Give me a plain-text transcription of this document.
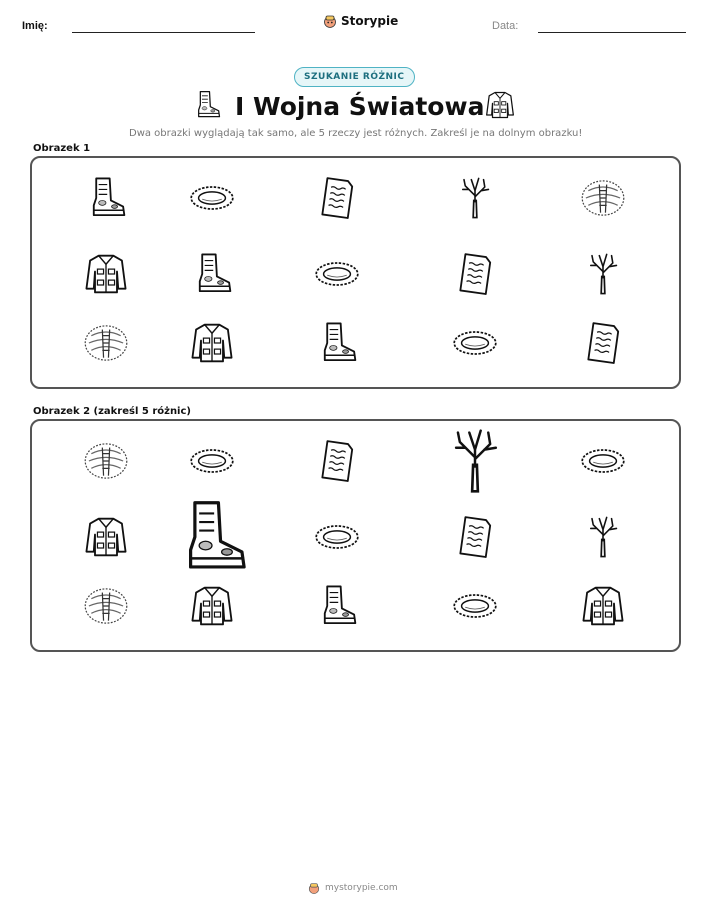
Imię:	Storypie	Data:
SZUKANIE RÓŻNIC
I Wojna Światowa
Dwa obrazki wyglądają tak samo, ale 5 rzeczy jest różnych. Zakreśl je na dolnym obrazku!
Obrazek 1
Obrazek 2 (zakreśl 5 różnic)
mystorypie.com
